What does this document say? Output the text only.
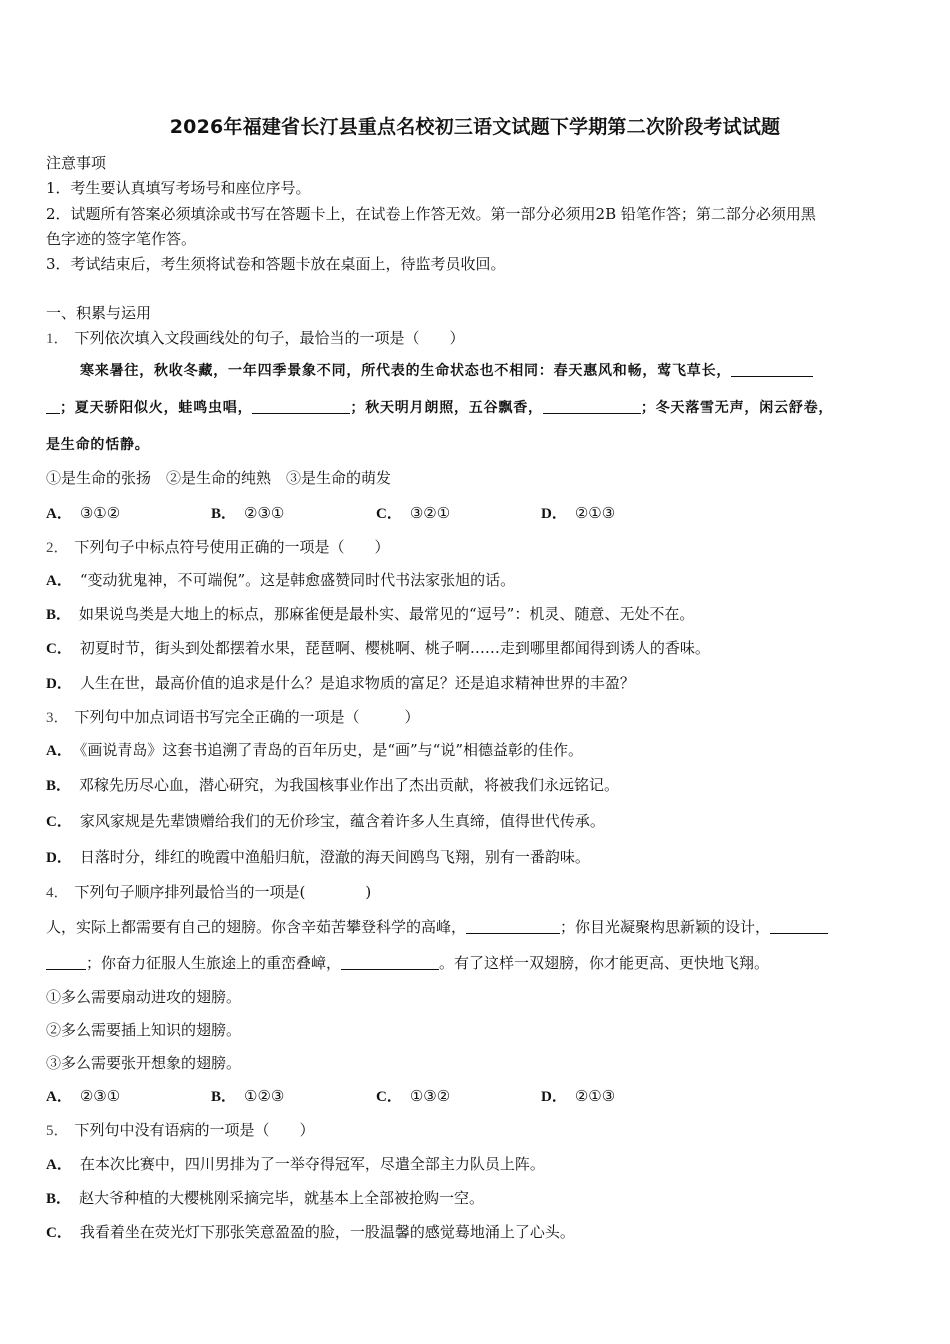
2026年福建省长汀县重点名校初三语文试题下学期第二次阶段考试试题
注意事项
1．考生要认真填写考场号和座位序号。
2．试题所有答案必须填涂或书写在答题卡上，在试卷上作答无效。第一部分必须用2B 铅笔作答；第二部分必须用黑
色字迹的签字笔作答。
3．考试结束后，考生须将试卷和答题卡放在桌面上，待监考员收回。
一、积累与运用
1． 下列依次填入文段画线处的句子，最恰当的一项是（　　）
寒来暑往，秋收冬藏，一年四季景象不同，所代表的生命状态也不相同：春天惠风和畅，莺飞草长，
；夏天骄阳似火，蛙鸣虫唱，	；秋天明月朗照，五谷飘香，	；冬天落雪无声，闲云舒卷，
是生命的恬静。
①是生命的张扬　②是生命的纯熟　③是生命的萌发
A． ③①②	B． ②③①	C． ③②①	D． ②①③
2． 下列句子中标点符号使用正确的一项是（　　）
A． “变动犹鬼神，不可端倪”。这是韩愈盛赞同时代书法家张旭的话。
B． 如果说鸟类是大地上的标点，那麻雀便是最朴实、最常见的“逗号”：机灵、随意、无处不在。
C． 初夏时节，街头到处都摆着水果，琵琶啊、樱桃啊、桃子啊……走到哪里都闻得到诱人的香味。
D． 人生在世，最高价值的追求是什么？是追求物质的富足？还是追求精神世界的丰盈？
3． 下列句中加点词语书写完全正确的一项是（　　　）
A． 《画说青岛》这套书追溯了青岛的百年历史，是“画”与“说”相德益彰的佳作。
B． 邓稼先历尽心血，潜心研究，为我国核事业作出了杰出贡献，将被我们永远铭记。
C． 家风家规是先辈馈赠给我们的无价珍宝，蕴含着许多人生真缔，值得世代传承。
D． 日落时分，绯红的晚霞中渔船归航，澄澈的海天间鸥鸟飞翔，别有一番韵味。
4． 下列句子顺序排列最恰当的一项是(　　　　)
人，实际上都需要有自己的翅膀。你含辛茹苦攀登科学的高峰，	；你目光凝聚构思新颖的设计，
；你奋力征服人生旅途上的重峦叠嶂，	。有了这样一双翅膀，你才能更高、更快地飞翔。
①多么需要扇动进攻的翅膀。
②多么需要插上知识的翅膀。
③多么需要张开想象的翅膀。
A． ②③①	B． ①②③	C． ①③②	D． ②①③
5． 下列句中没有语病的一项是（　　）
A． 在本次比赛中，四川男排为了一举夺得冠军，尽遣全部主力队员上阵。
B． 赵大爷种植的大樱桃刚采摘完毕，就基本上全部被抢购一空。
C． 我看着坐在荧光灯下那张笑意盈盈的脸，一股温馨的感觉蓦地涌上了心头。
